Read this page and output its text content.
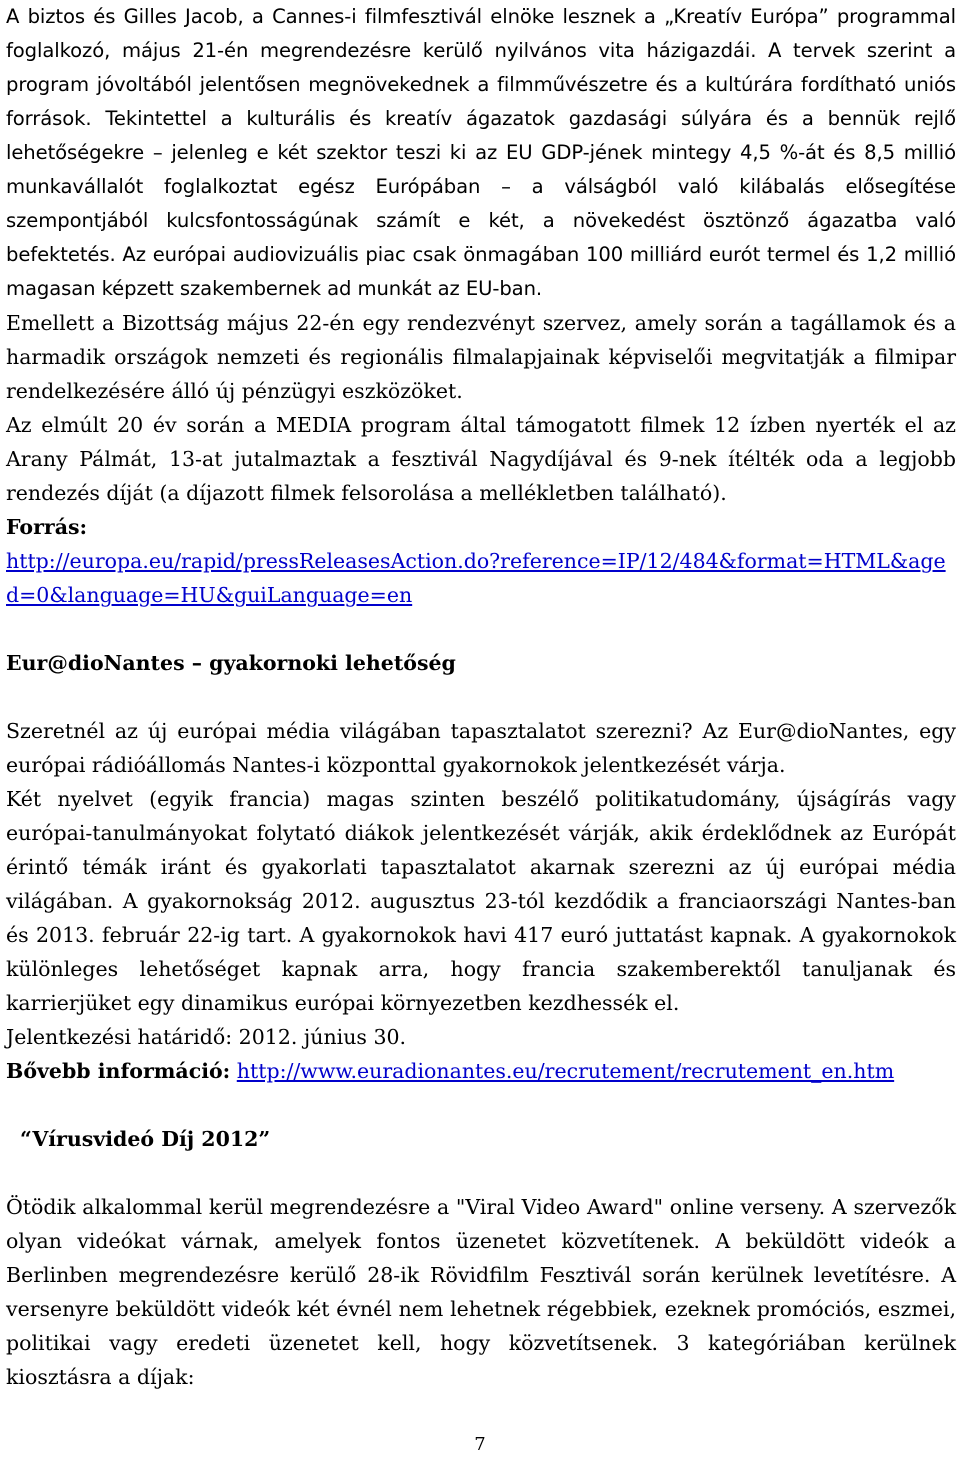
A biztos és Gilles Jacob, a Cannes-i filmfesztivál elnöke lesznek a „Kreatív Európa” programmal foglalkozó, május 21-én megrendezésre kerülő nyilvános vita házigazdái. A tervek szerint a program jóvoltából jelentősen megnövekednek a filmművészetre és a kultúrára fordítható uniós források. Tekintettel a kulturális és kreatív ágazatok gazdasági súlyára és a bennük rejlő lehetőségekre – jelenleg e két szektor teszi ki az EU GDP-jének mintegy 4,5 %-át és 8,5 millió munkavállalót foglalkoztat egész Európában – a válságból való kilábalás elősegítése szempontjából kulcsfontosságúnak számít e két, a növekedést ösztönző ágazatba való befektetés. Az európai audiovizuális piac csak önmagában 100 milliárd eurót termel és 1,2 millió magasan képzett szakembernek ad munkát az EU-ban.

Emellett a Bizottság május 22-én egy rendezvényt szervez, amely során a tagállamok és a harmadik országok nemzeti és regionális filmalapjainak képviselői megvitatják a filmipar rendelkezésére álló új pénzügyi eszközöket.

Az elmúlt 20 év során a MEDIA program által támogatott filmek 12 ízben nyerték el az Arany Pálmát, 13-at jutalmaztak a fesztivál Nagydíjával és 9-nek ítélték oda a legjobb rendezés díját (a díjazott filmek felsorolása a mellékletben található).

Forrás:

http://europa.eu/rapid/pressReleasesAction.do?reference=IP/12/484&format=HTML&aged=0&language=HU&guiLanguage=en

Eur@dioNantes – gyakornoki lehetőség

Szeretnél az új európai média világában tapasztalatot szerezni? Az Eur@dioNantes, egy európai rádióállomás Nantes-i központtal gyakornokok jelentkezését várja.

Két nyelvet (egyik francia) magas szinten beszélő politikatudomány, újságírás vagy európai-tanulmányokat folytató diákok jelentkezését várják, akik érdeklődnek az Európát érintő témák iránt és gyakorlati tapasztalatot akarnak szerezni az új európai média világában. A gyakornokság 2012. augusztus 23-tól kezdődik a franciaországi Nantes-ban és 2013. február 22-ig tart. A gyakornokok havi 417 euró juttatást kapnak. A gyakornokok különleges lehetőséget kapnak arra, hogy francia szakemberektől tanuljanak és karrierjüket egy dinamikus európai környezetben kezdhessék el.

Jelentkezési határidő: 2012. június 30.

Bővebb információ: http://www.euradionantes.eu/recrutement/recrutement_en.htm

“Vírusvideó Díj 2012”

Ötödik alkalommal kerül megrendezésre a "Viral Video Award" online verseny. A szervezők olyan videókat várnak, amelyek fontos üzenetet közvetítenek. A beküldött videók a Berlinben megrendezésre kerülő 28-ik Rövidfilm Fesztivál során kerülnek levetítésre. A versenyre beküldött videók két évnél nem lehetnek régebbiek, ezeknek promóciós, eszmei, politikai vagy eredeti üzenetet kell, hogy közvetítsenek. 3 kategóriában kerülnek kiosztásra a díjak:

7
